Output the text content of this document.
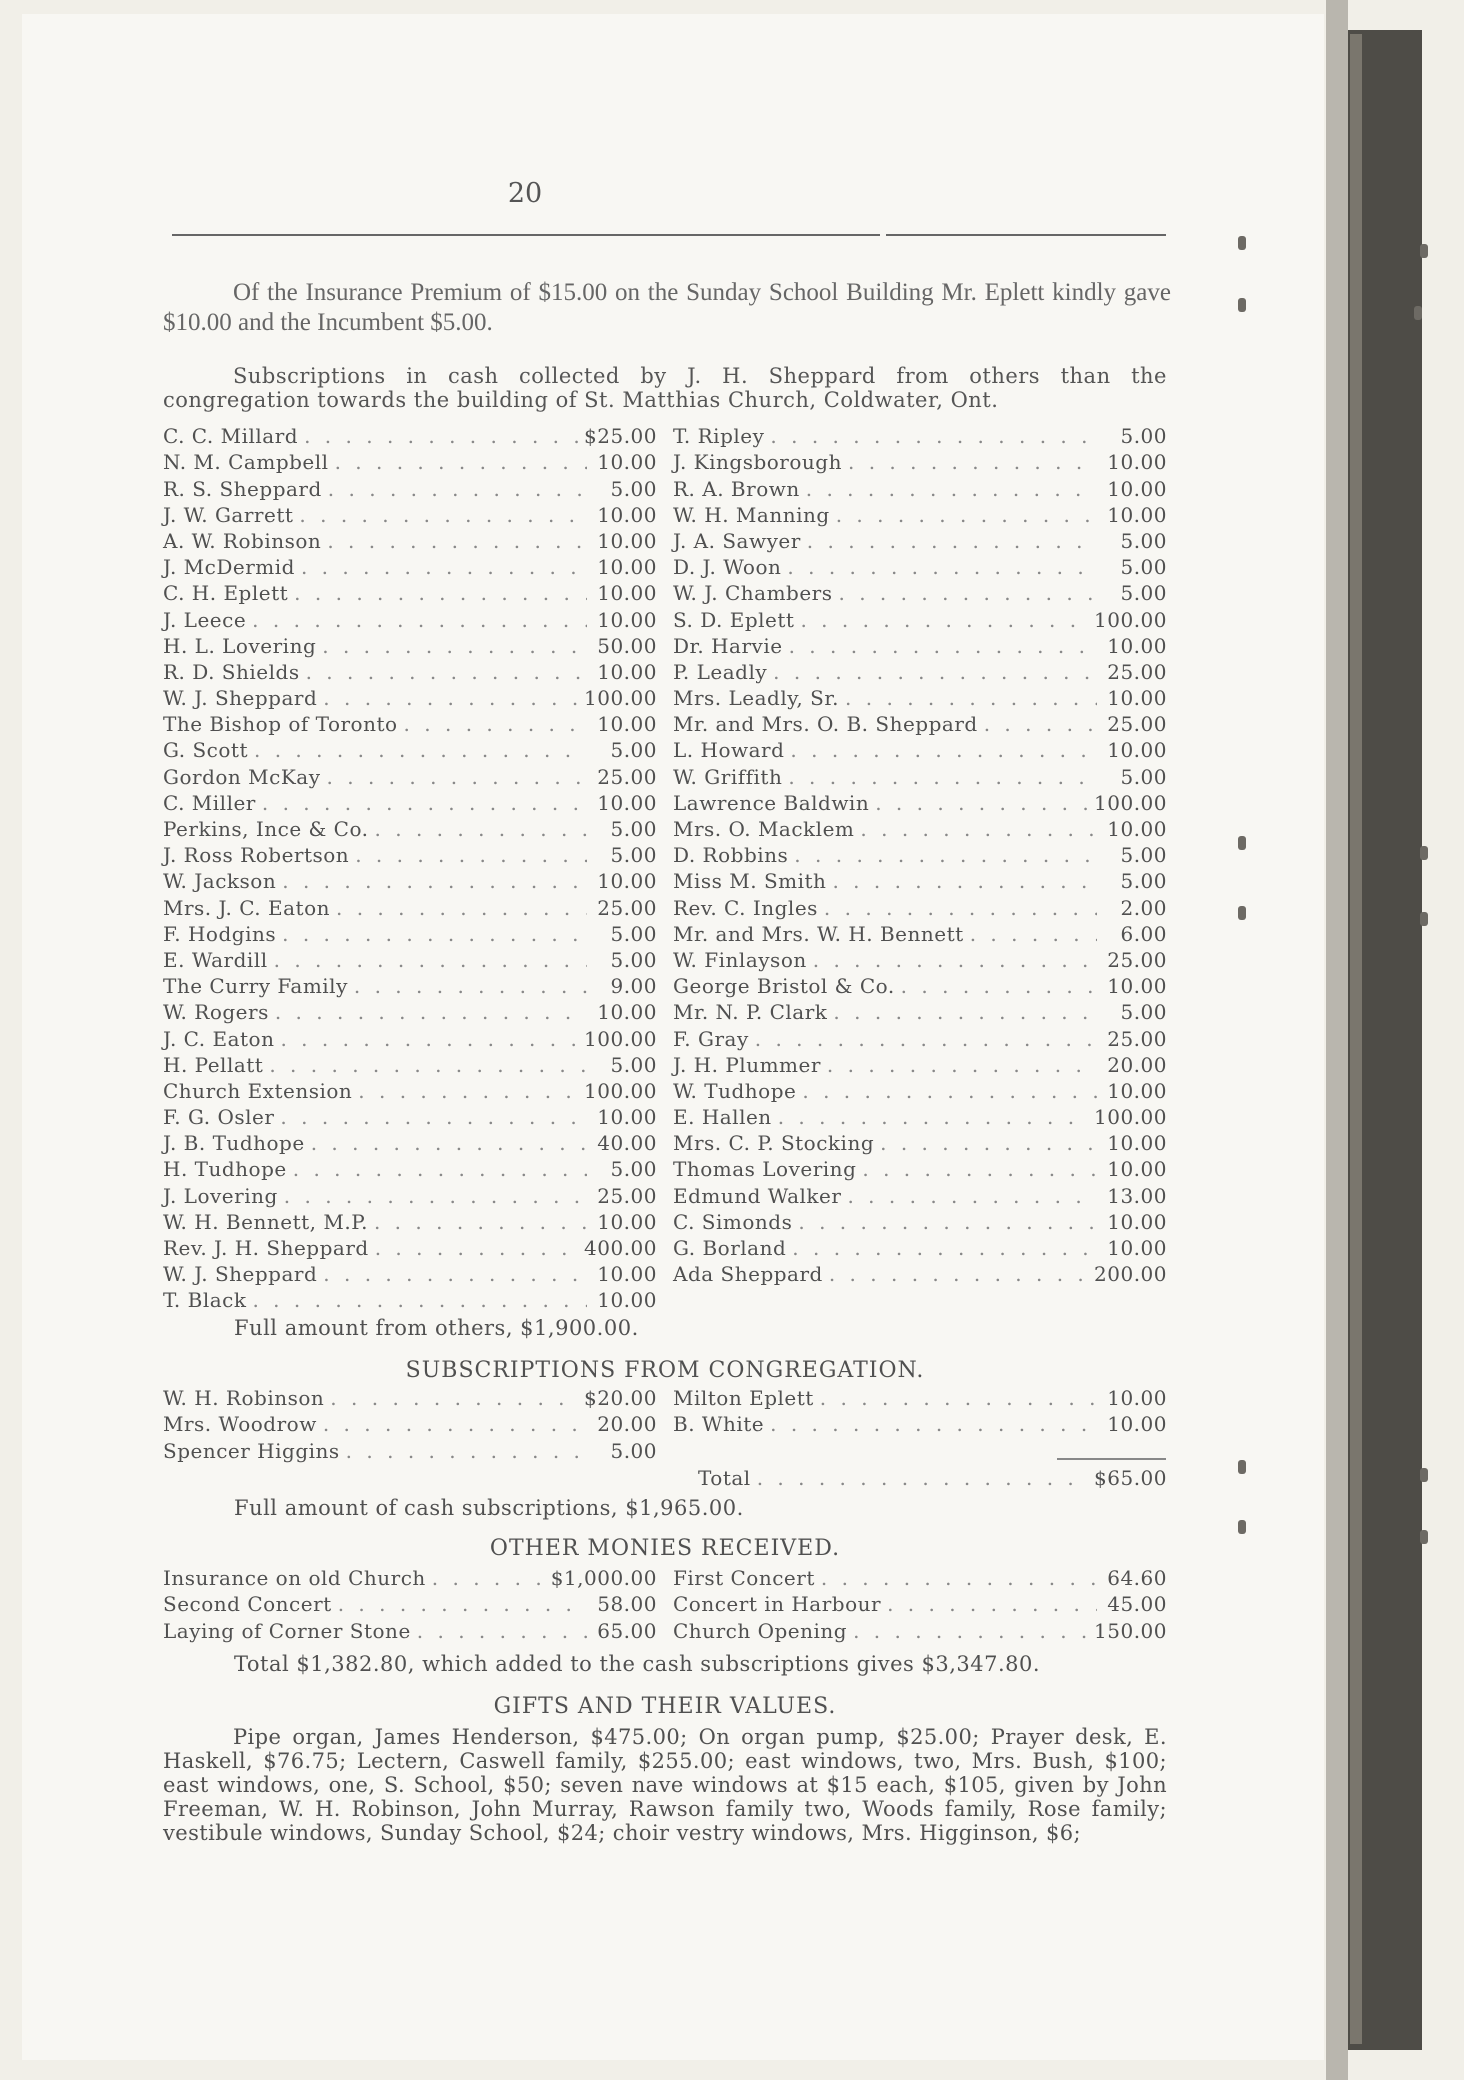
20
Of the Insurance Premium of $15.00 on the Sunday School Building Mr. Eplett kindly gave $10.00 and the Incumbent $5.00.
Subscriptions in cash collected by J. H. Sheppard from others than the congregation towards the building of St. Matthias Church, Coldwater, Ont.
C. C. Millard . . .	$25.00
N. M. Campbell . . .	10.00
R. S. Sheppard . . .	5.00
J. W. Garrett . . .	10.00
A. W. Robinson . . .	10.00
J. McDermid . . .	10.00
C. H. Eplett . . .	10.00
J. Leece . . .	10.00
H. L. Lovering . . .	50.00
R. D. Shields . . .	10.00
W. J. Sheppard . . .	100.00
The Bishop of Toronto . . .	10.00
G. Scott . . .	5.00
Gordon McKay . . .	25.00
C. Miller . . .	10.00
Perkins, Ince & Co. . . .	5.00
J. Ross Robertson . . .	5.00
W. Jackson . . .	10.00
Mrs. J. C. Eaton . . .	25.00
F. Hodgins . . .	5.00
E. Wardill . . .	5.00
The Curry Family . . .	9.00
W. Rogers . . .	10.00
J. C. Eaton . . .	100.00
H. Pellatt . . .	5.00
Church Extension . . .	100.00
F. G. Osler . . .	10.00
J. B. Tudhope . . .	40.00
H. Tudhope . . .	5.00
J. Lovering . . .	25.00
W. H. Bennett, M.P. . . .	10.00
Rev. J. H. Sheppard . . .	400.00
W. J. Sheppard . . .	10.00
T. Black . . .	10.00
T. Ripley . . .	5.00
J. Kingsborough . . .	10.00
R. A. Brown . . .	10.00
W. H. Manning . . .	10.00
J. A. Sawyer . . .	5.00
D. J. Woon . . .	5.00
W. J. Chambers . . .	5.00
S. D. Eplett . . .	100.00
Dr. Harvie . . .	10.00
P. Leadly . . .	25.00
Mrs. Leadly, Sr. . . .	10.00
Mr. and Mrs. O. B. Sheppard . . .	25.00
L. Howard . . .	10.00
W. Griffith . . .	5.00
Lawrence Baldwin . . .	100.00
Mrs. O. Macklem . . .	10.00
D. Robbins . . .	5.00
Miss M. Smith . . .	5.00
Rev. C. Ingles . . .	2.00
Mr. and Mrs. W. H. Bennett . . .	6.00
W. Finlayson . . .	25.00
George Bristol & Co. . . .	10.00
Mr. N. P. Clark . . .	5.00
F. Gray . . .	25.00
J. H. Plummer . . .	20.00
W. Tudhope . . .	10.00
E. Hallen . . .	100.00
Mrs. C. P. Stocking . . .	10.00
Thomas Lovering . . .	10.00
Edmund Walker . . .	13.00
C. Simonds . . .	10.00
G. Borland . . .	10.00
Ada Sheppard . . .	200.00
Full amount from others, $1,900.00.
SUBSCRIPTIONS FROM CONGREGATION.
W. H. Robinson . . .	$20.00
Mrs. Woodrow . . .	20.00
Spencer Higgins . . .	5.00
Milton Eplett . . .	10.00
B. White . . .	10.00
Total . . .	$65.00
Full amount of cash subscriptions, $1,965.00.
OTHER MONIES RECEIVED.
Insurance on old Church . . .	$1,000.00
Second Concert . . .	58.00
Laying of Corner Stone . . .	65.00
First Concert . . .	64.60
Concert in Harbour . . .	45.00
Church Opening . . .	150.00
Total $1,382.80, which added to the cash subscriptions gives $3,347.80.
GIFTS AND THEIR VALUES.
Pipe organ, James Henderson, $475.00; On organ pump, $25.00; Prayer desk, E. Haskell, $76.75; Lectern, Caswell family, $255.00; east windows, two, Mrs. Bush, $100; east windows, one, S. School, $50; seven nave windows at $15 each, $105, given by John Freeman, W. H. Robinson, John Murray, Rawson family two, Woods family, Rose family; vestibule windows, Sunday School, $24; choir vestry windows, Mrs. Higginson, $6;
